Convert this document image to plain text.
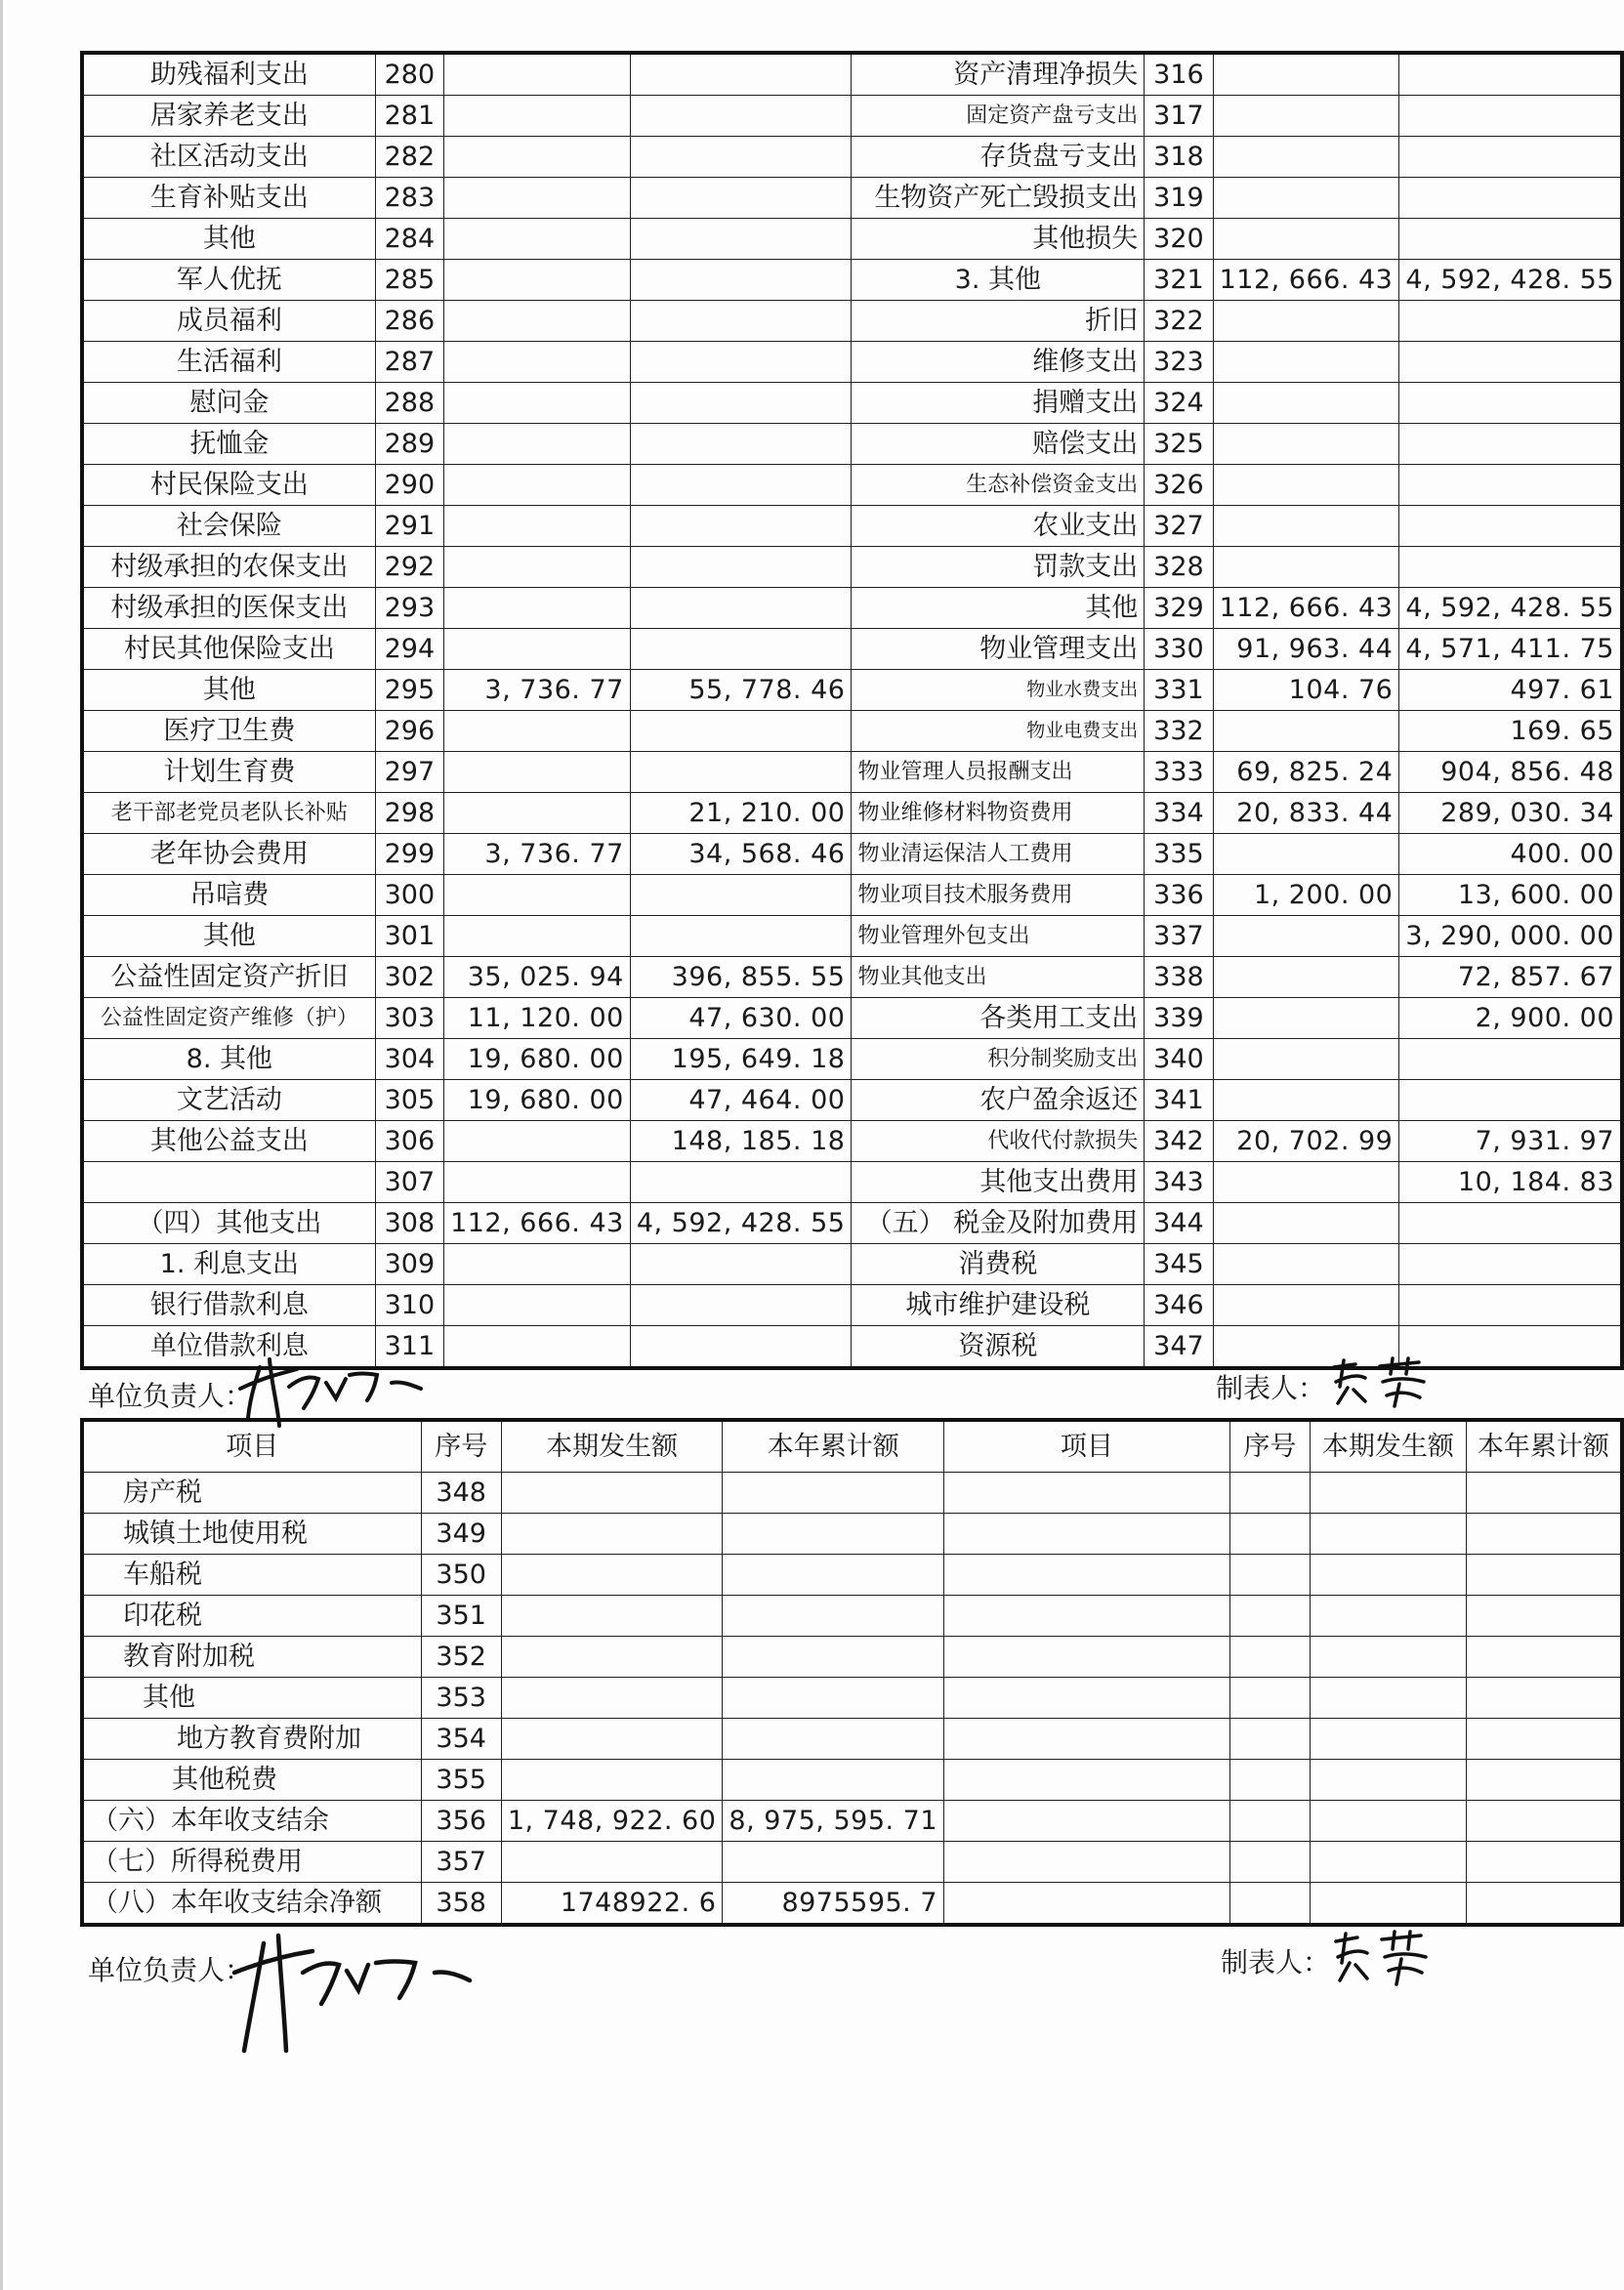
助残福利支出	280			资产清理净损失	316		
居家养老支出	281			固定资产盘亏支出	317		
社区活动支出	282			存货盘亏支出	318		
生育补贴支出	283			生物资产死亡毁损支出	319		
其他	284			其他损失	320		
军人优抚	285			3. 其他	321	112, 666. 43	4, 592, 428. 55
成员福利	286			折旧	322		
生活福利	287			维修支出	323		
慰问金	288			捐赠支出	324		
抚恤金	289			赔偿支出	325		
村民保险支出	290			生态补偿资金支出	326		
社会保险	291			农业支出	327		
村级承担的农保支出	292			罚款支出	328		
村级承担的医保支出	293			其他	329	112, 666. 43	4, 592, 428. 55
村民其他保险支出	294			物业管理支出	330	91, 963. 44	4, 571, 411. 75
其他	295	3, 736. 77	55, 778. 46	物业水费支出	331	104. 76	497. 61
医疗卫生费	296			物业电费支出	332		169. 65
计划生育费	297			物业管理人员报酬支出	333	69, 825. 24	904, 856. 48
老干部老党员老队长补贴	298		21, 210. 00	物业维修材料物资费用	334	20, 833. 44	289, 030. 34
老年协会费用	299	3, 736. 77	34, 568. 46	物业清运保洁人工费用	335		400. 00
吊唁费	300			物业项目技术服务费用	336	1, 200. 00	13, 600. 00
其他	301			物业管理外包支出	337		3, 290, 000. 00
公益性固定资产折旧	302	35, 025. 94	396, 855. 55	物业其他支出	338		72, 857. 67
公益性固定资产维修（护）	303	11, 120. 00	47, 630. 00	各类用工支出	339		2, 900. 00
8. 其他	304	19, 680. 00	195, 649. 18	积分制奖励支出	340		
文艺活动	305	19, 680. 00	47, 464. 00	农户盈余返还	341		
其他公益支出	306		148, 185. 18	代收代付款损失	342	20, 702. 99	7, 931. 97
	307			其他支出费用	343		10, 184. 83
（四）其他支出	308	112, 666. 43	4, 592, 428. 55	（五） 税金及附加费用	344		
1. 利息支出	309			消费税	345		
银行借款利息	310			城市维护建设税	346		
单位借款利息	311			资源税	347		
单位负责人：	制表人：
项目	序号	本期发生额	本年累计额	项目	序号	本期发生额	本年累计额
房产税	348						
城镇土地使用税	349						
车船税	350						
印花税	351						
教育附加税	352						
其他	353						
地方教育费附加	354						
其他税费	355						
（六）本年收支结余	356	1, 748, 922. 60	8, 975, 595. 71				
（七）所得税费用	357						
（八）本年收支结余净额	358	1748922. 6	8975595. 7				
单位负责人：	制表人：
